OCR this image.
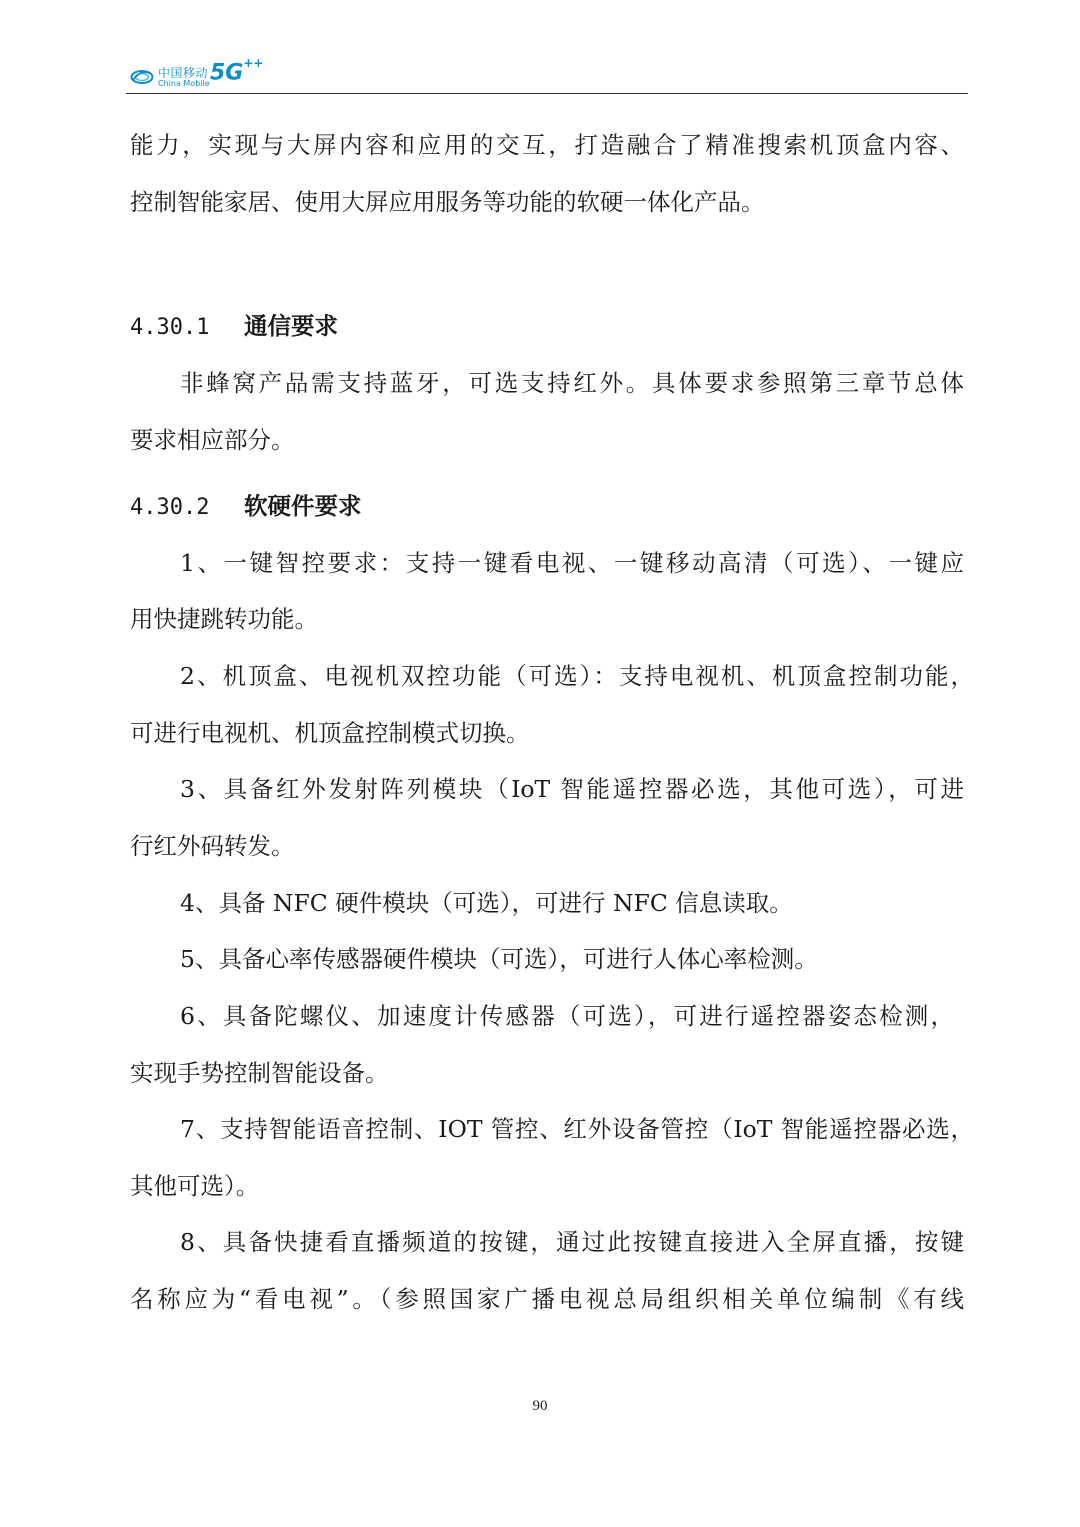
中国移动
China Mobile 5G++
能力，实现与大屏内容和应用的交互，打造融合了精准搜索机顶盒内容、
控制智能家居、使用大屏应用服务等功能的软硬一体化产品。
4.30.1 通信要求
非蜂窝产品需支持蓝牙，可选支持红外。具体要求参照第三章节总体
要求相应部分。
4.30.2 软硬件要求
1、一键智控要求：支持一键看电视、一键移动高清（可选）、一键应
用快捷跳转功能。
2、机顶盒、电视机双控功能（可选）：支持电视机、机顶盒控制功能，
可进行电视机、机顶盒控制模式切换。
3、具备红外发射阵列模块（IoT 智能遥控器必选，其他可选），可进
行红外码转发。
4、具备 NFC 硬件模块（可选），可进行 NFC 信息读取。
5、具备心率传感器硬件模块（可选），可进行人体心率检测。
6、具备陀螺仪、加速度计传感器（可选），可进行遥控器姿态检测，
实现手势控制智能设备。
7、支持智能语音控制、IOT 管控、红外设备管控（IoT 智能遥控器必选，
其他可选）。
8、具备快捷看直播频道的按键，通过此按键直接进入全屏直播，按键
名称应为“看电视”。（参照国家广播电视总局组织相关单位编制《有线
90
